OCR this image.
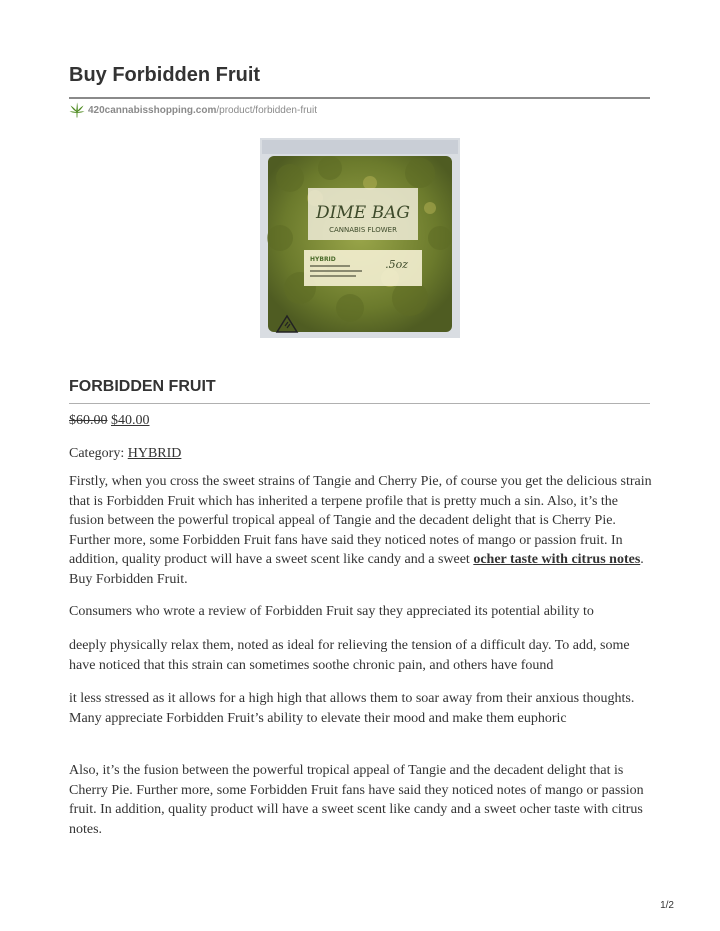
Buy Forbidden Fruit
420cannabisshopping.com /product/forbidden-fruit
DIME BAG
CANNABIS FLOWER
HYBRID	.5oz
FORBIDDEN FRUIT
$60.00 $40.00
Category: HYBRID

Firstly, when you cross the sweet strains of Tangie and Cherry Pie, of course you get the delicious strain that is Forbidden Fruit which has inherited a terpene profile that is pretty much a sin. Also, it’s the fusion between the powerful tropical appeal of Tangie and the decadent delight that is Cherry Pie. Further more, some Forbidden Fruit fans have said they noticed notes of mango or passion fruit. In addition, quality product will have a sweet scent like candy and a sweet ocher taste with citrus notes. Buy Forbidden Fruit.

Consumers who wrote a review of Forbidden Fruit say they appreciated its potential ability to

deeply physically relax them, noted as ideal for relieving the tension of a difficult day. To add, some have noticed that this strain can sometimes soothe chronic pain, and others have found

it less stressed as it allows for a high high that allows them to soar away from their anxious thoughts. Many appreciate Forbidden Fruit’s ability to elevate their mood and make them euphoric

Also, it’s the fusion between the powerful tropical appeal of Tangie and the decadent delight that is Cherry Pie. Further more, some Forbidden Fruit fans have said they noticed notes of mango or passion fruit. In addition, quality product will have a sweet scent like candy and a sweet ocher taste with citrus notes.

1/2
